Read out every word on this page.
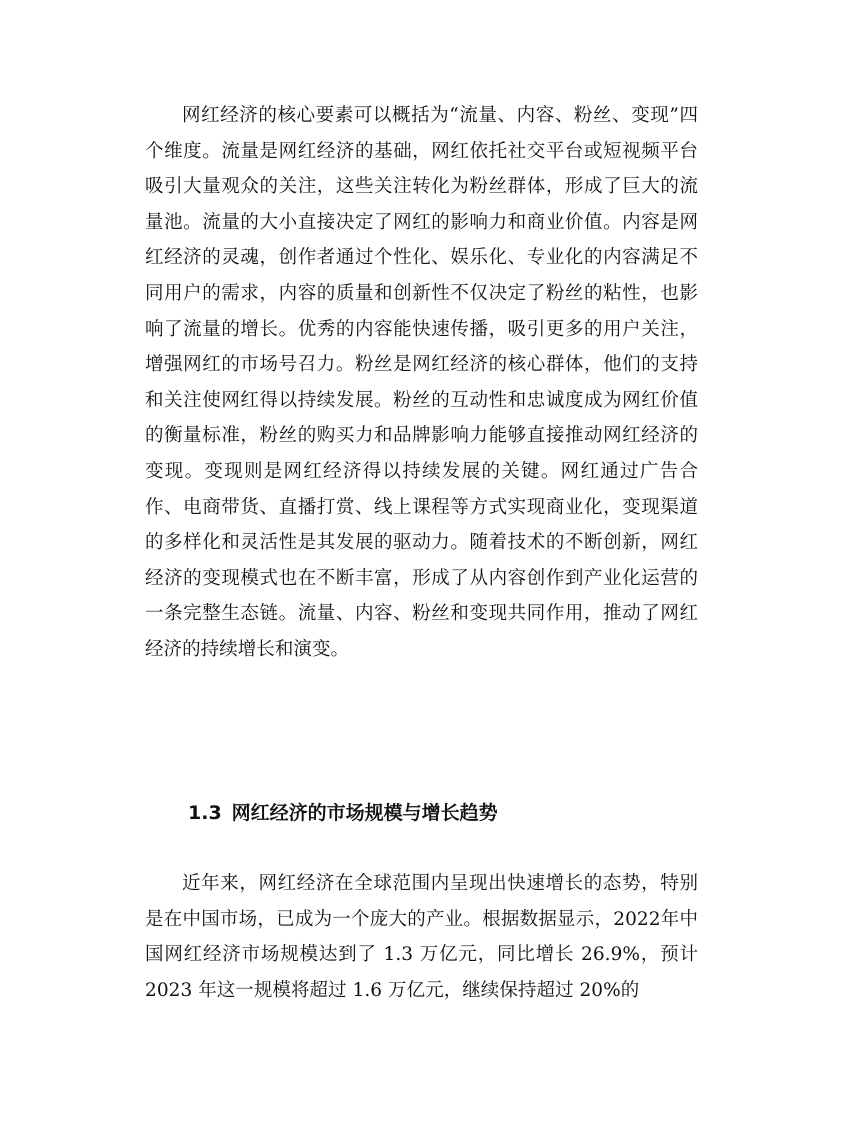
网红经济的核心要素可以概括为“流量、内容、粉丝、变现”四个维度。流量是网红经济的基础，网红依托社交平台或短视频平台吸引大量观众的关注，这些关注转化为粉丝群体，形成了巨大的流量池。流量的大小直接决定了网红的影响力和商业价值。内容是网红经济的灵魂，创作者通过个性化、娱乐化、专业化的内容满足不同用户的需求，内容的质量和创新性不仅决定了粉丝的粘性，也影响了流量的增长。优秀的内容能快速传播，吸引更多的用户关注，增强网红的市场号召力。粉丝是网红经济的核心群体，他们的支持和关注使网红得以持续发展。粉丝的互动性和忠诚度成为网红价值的衡量标准，粉丝的购买力和品牌影响力能够直接推动网红经济的变现。变现则是网红经济得以持续发展的关键。网红通过广告合作、电商带货、直播打赏、线上课程等方式实现商业化，变现渠道的多样化和灵活性是其发展的驱动力。随着技术的不断创新，网红经济的变现模式也在不断丰富，形成了从内容创作到产业化运营的一条完整生态链。流量、内容、粉丝和变现共同作用，推动了网红经济的持续增长和演变。

1.3 网红经济的市场规模与增长趋势

近年来，网红经济在全球范围内呈现出快速增长的态势，特别是在中国市场，已成为一个庞大的产业。根据数据显示，2022年中国网红经济市场规模达到了 1.3 万亿元，同比增长 26.9%，预计 2023 年这一规模将超过 1.6 万亿元，继续保持超过 20%的
